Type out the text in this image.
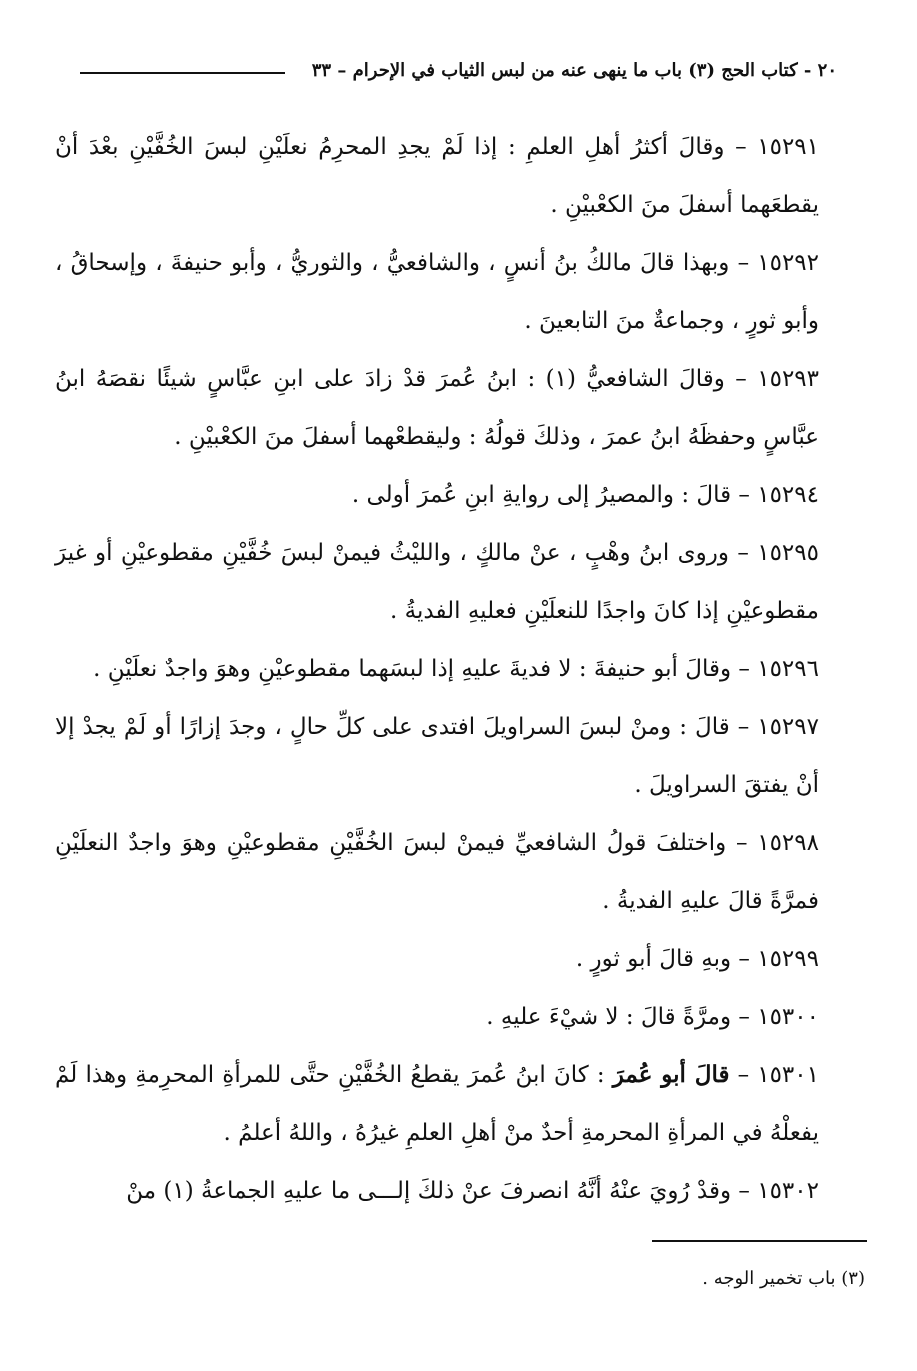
٢٠ - كتاب الحج (٣) باب ما ينهى عنه من لبس الثياب في الإحرام – ٣٣

١٥٢٩١ – وقالَ أكثرُ أهلِ العلمِ : إذا لَمْ يجدِ المحرِمُ نعلَيْنِ لبسَ الخُفَّيْنِ بعْدَ أنْ يقطعَهما أسفلَ منَ الكعْبيْنِ .

١٥٢٩٢ – وبهذا قالَ مالكُ بنُ أنسٍ ، والشافعيُّ ، والثوريُّ ، وأبو حنيفةَ ، وإسحاقُ ، وأبو ثورٍ ، وجماعةٌ منَ التابعينَ .

١٥٢٩٣ – وقالَ الشافعيُّ (١) : ابنُ عُمرَ قدْ زادَ على ابنِ عبَّاسٍ شيئًا نقصَهُ ابنُ عبَّاسٍ وحفظَهُ ابنُ عمرَ ، وذلكَ قولُهُ : وليقطعْهما أسفلَ منَ الكعْبيْنِ .

١٥٢٩٤ – قالَ : والمصيرُ إلى روايةِ ابنِ عُمرَ أولى .

١٥٢٩٥ – وروى ابنُ وهْبٍ ، عنْ مالكٍ ، والليْثُ فيمنْ لبسَ خُفَّيْنِ مقطوعيْنِ أو غيرَ مقطوعيْنِ إذا كانَ واجدًا للنعلَيْنِ فعليهِ الفديةُ .

١٥٢٩٦ – وقالَ أبو حنيفةَ : لا فديةَ عليهِ إذا لبسَهما مقطوعيْنِ وهوَ واجدٌ نعلَيْنِ .

١٥٢٩٧ – قالَ : ومنْ لبسَ السراويلَ افتدى على كلِّ حالٍ ، وجدَ إزارًا أو لَمْ يجدْ إلا أنْ يفتقَ السراويلَ .

١٥٢٩٨ – واختلفَ قولُ الشافعيِّ فيمنْ لبسَ الخُفَّيْنِ مقطوعيْنِ وهوَ واجدٌ النعلَيْنِ فمرَّةً قالَ عليهِ الفديةُ .

١٥٢٩٩ – وبهِ قالَ أبو ثورٍ .

١٥٣٠٠ – ومرَّةً قالَ : لا شيْءَ عليهِ .

١٥٣٠١ – قالَ أبو عُمرَ : كانَ ابنُ عُمرَ يقطعُ الخُفَّيْنِ حتَّى للمرأةِ المحرِمةِ وهذا لَمْ يفعلْهُ في المرأةِ المحرمةِ أحدٌ منْ أهلِ العلمِ غيرُهُ ، واللهُ أعلمُ .

١٥٣٠٢ – وقدْ رُويَ عنْهُ أنَّهُ انصرفَ عنْ ذلكَ إلـــى ما عليهِ الجماعةُ (١) منْ

(٣) باب تخمير الوجه .
